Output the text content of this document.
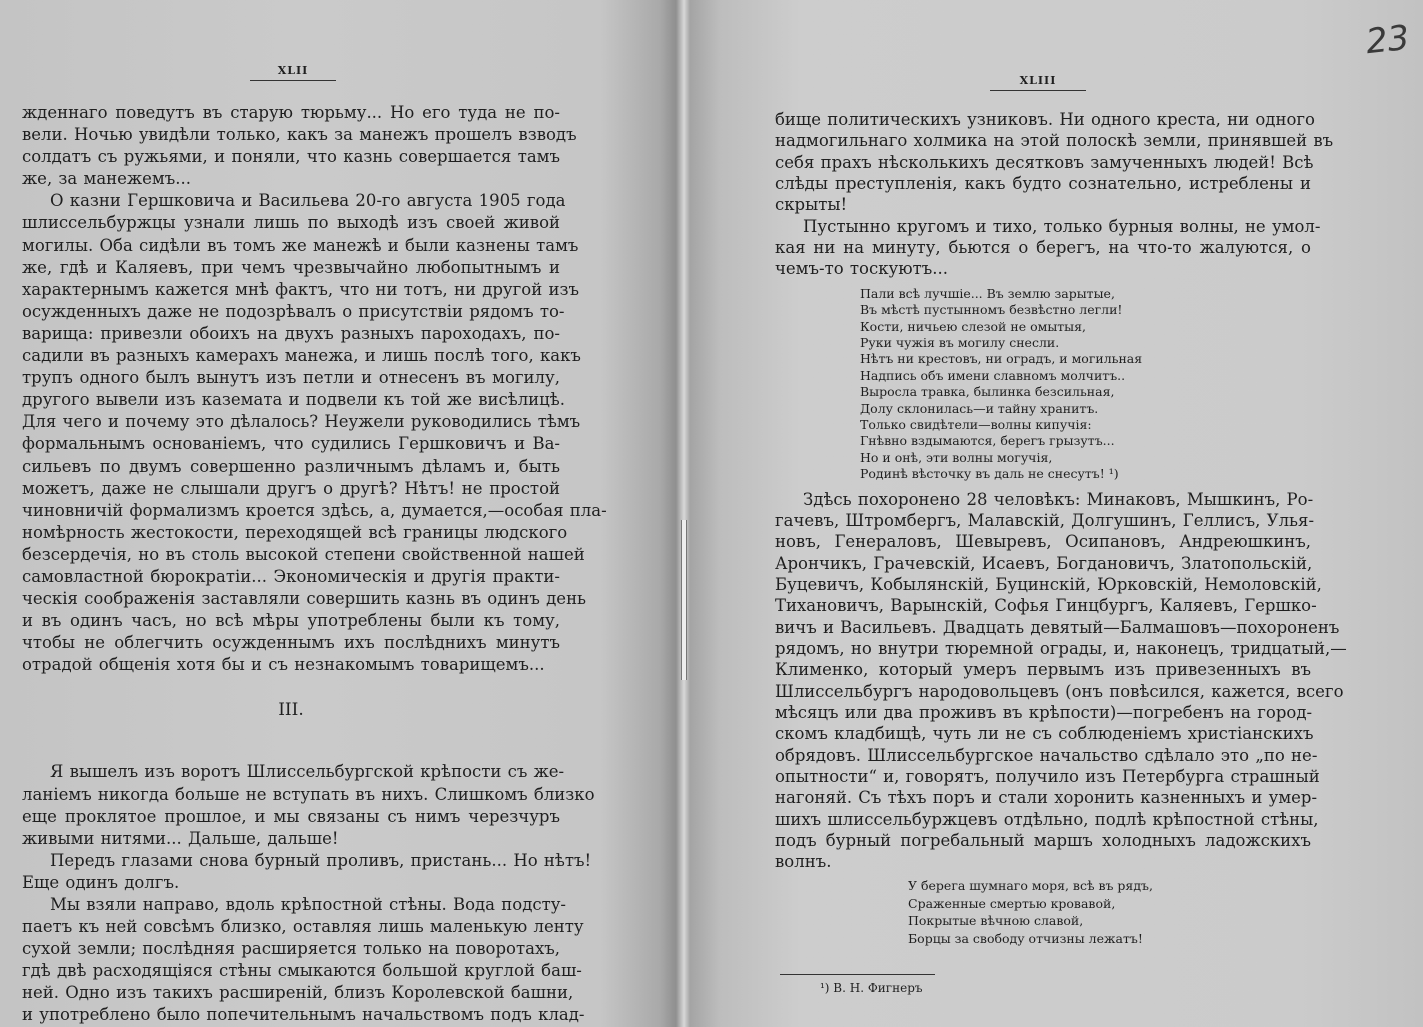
XLII
XLIII
23
жденнаго поведутъ въ старую тюрьму... Но его туда не по-
вели. Ночью увидѣли только, какъ за манежъ прошелъ взводъ
солдатъ съ ружьями, и поняли, что казнь совершается тамъ
же, за манежемъ...
О казни Гершковича и Васильева 20-го августа 1905 года
шлиссельбуржцы узнали лишь по выходѣ изъ своей живой
могилы. Оба сидѣли въ томъ же манежѣ и были казнены тамъ
же, гдѣ и Каляевъ, при чемъ чрезвычайно любопытнымъ и
характернымъ кажется мнѣ фактъ, что ни тотъ, ни другой изъ
осужденныхъ даже не подозрѣвалъ о присутствіи рядомъ то-
варища: привезли обоихъ на двухъ разныхъ пароходахъ, по-
садили въ разныхъ камерахъ манежа, и лишь послѣ того, какъ
трупъ одного былъ вынутъ изъ петли и отнесенъ въ могилу,
другого вывели изъ каземата и подвели къ той же висѣлицѣ.
Для чего и почему это дѣлалось? Неужели руководились тѣмъ
формальнымъ основаніемъ, что судились Гершковичъ и Ва-
сильевъ по двумъ совершенно различнымъ дѣламъ и, быть
можетъ, даже не слышали другъ о другѣ? Нѣтъ! не простой
чиновничій формализмъ кроется здѣсь, а, думается,—особая пла-
номѣрность жестокости, переходящей всѣ границы людского
безсердечія, но въ столь высокой степени свойственной нашей
самовластной бюрократіи... Экономическія и другія практи-
ческія соображенія заставляли совершить казнь въ одинъ день
и въ одинъ часъ, но всѣ мѣры употреблены были къ тому,
чтобы не облегчить осужденнымъ ихъ послѣднихъ минутъ
отрадой общенія хотя бы и съ незнакомымъ товарищемъ...
III.
Я вышелъ изъ воротъ Шлиссельбургской крѣпости съ же-
ланіемъ никогда больше не вступать въ нихъ. Слишкомъ близко
еще проклятое прошлое, и мы связаны съ нимъ черезчуръ
живыми нитями... Дальше, дальше!
Передъ глазами снова бурный проливъ, пристань... Но нѣтъ!
Еще одинъ долгъ.
Мы взяли направо, вдоль крѣпостной стѣны. Вода подсту-
паетъ къ ней совсѣмъ близко, оставляя лишь маленькую ленту
сухой земли; послѣдняя расширяется только на поворотахъ,
гдѣ двѣ расходящіяся стѣны смыкаются большой круглой баш-
ней. Одно изъ такихъ расширеній, близъ Королевской башни,
и употреблено было попечительнымъ начальствомъ подъ клад-
бище политическихъ узниковъ. Ни одного креста, ни одного
надмогильнаго холмика на этой полоскѣ земли, принявшей въ
себя прахъ нѣсколькихъ десятковъ замученныхъ людей! Всѣ
слѣды преступленія, какъ будто сознательно, истреблены и
скрыты!
Пустынно кругомъ и тихо, только бурныя волны, не умол-
кая ни на минуту, бьются о берегъ, на что-то жалуются, о
чемъ-то тоскуютъ...
Пали всѣ лучшіе... Въ землю зарытые,
Въ мѣстѣ пустынномъ безвѣстно легли!
Кости, ничьею слезой не омытыя,
Руки чужія въ могилу снесли.
Нѣтъ ни крестовъ, ни оградъ, и могильная
Надпись объ имени славномъ молчитъ..
Выросла травка, былинка безсильная,
Долу склонилась—и тайну хранитъ.
Только свидѣтели—волны кипучія:
Гнѣвно вздымаются, берегъ грызутъ...
Но и онѣ, эти волны могучія,
Родинѣ вѣсточку въ даль не снесутъ! ¹)
Здѣсь похоронено 28 человѣкъ: Минаковъ, Мышкинъ, Ро-
гачевъ, Штромбергъ, Малавскій, Долгушинъ, Геллисъ, Улья-
новъ, Генераловъ, Шевыревъ, Осипановъ, Андреюшкинъ,
Арончикъ, Грачевскій, Исаевъ, Богдановичъ, Златопольскій,
Буцевичъ, Кобылянскій, Буцинскій, Юрковскій, Немоловскій,
Тихановичъ, Варынскій, Софья Гинцбургъ, Каляевъ, Гершко-
вичъ и Васильевъ. Двадцать девятый—Балмашовъ—похороненъ
рядомъ, но внутри тюремной ограды, и, наконецъ, тридцатый,—
Клименко, который умеръ первымъ изъ привезенныхъ въ
Шлиссельбургъ народовольцевъ (онъ повѣсился, кажется, всего
мѣсяцъ или два проживъ въ крѣпости)—погребенъ на город-
скомъ кладбищѣ, чуть ли не съ соблюденіемъ христіанскихъ
обрядовъ. Шлиссельбургское начальство сдѣлало это „по не-
опытности“ и, говорятъ, получило изъ Петербурга страшный
нагоняй. Съ тѣхъ поръ и стали хоронить казненныхъ и умер-
шихъ шлиссельбуржцевъ отдѣльно, подлѣ крѣпостной стѣны,
подъ бурный погребальный маршъ холодныхъ ладожскихъ
волнъ.
У берега шумнаго моря, всѣ въ рядъ,
Сраженные смертью кровавой,
Покрытые вѣчною славой,
Борцы за свободу отчизны лежатъ!
¹) В. Н. Фигнеръ
